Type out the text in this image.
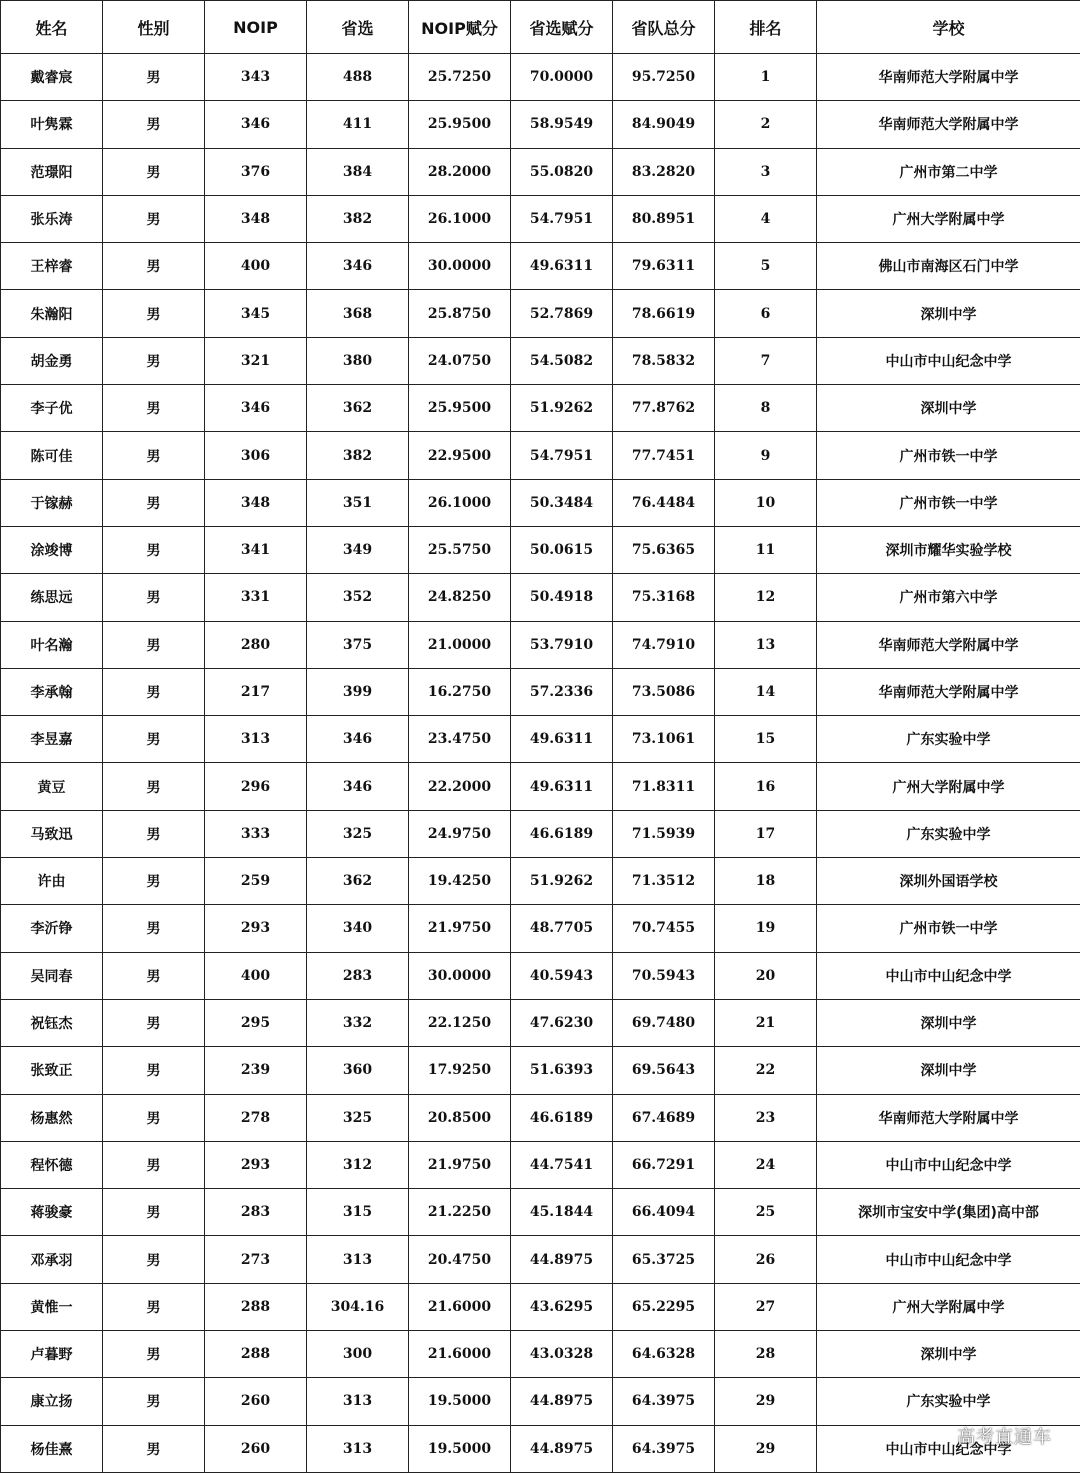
姓名	性别	NOIP	省选	NOIP赋分	省选赋分	省队总分	排名	学校
戴睿宸	男	343	488	25.7250	70.0000	95.7250	1	华南师范大学附属中学
叶隽霖	男	346	411	25.9500	58.9549	84.9049	2	华南师范大学附属中学
范璟阳	男	376	384	28.2000	55.0820	83.2820	3	广州市第二中学
张乐涛	男	348	382	26.1000	54.7951	80.8951	4	广州大学附属中学
王梓睿	男	400	346	30.0000	49.6311	79.6311	5	佛山市南海区石门中学
朱瀚阳	男	345	368	25.8750	52.7869	78.6619	6	深圳中学
胡金勇	男	321	380	24.0750	54.5082	78.5832	7	中山市中山纪念中学
李子优	男	346	362	25.9500	51.9262	77.8762	8	深圳中学
陈可佳	男	306	382	22.9500	54.7951	77.7451	9	广州市铁一中学
于镓赫	男	348	351	26.1000	50.3484	76.4484	10	广州市铁一中学
涂竣博	男	341	349	25.5750	50.0615	75.6365	11	深圳市耀华实验学校
练思远	男	331	352	24.8250	50.4918	75.3168	12	广州市第六中学
叶名瀚	男	280	375	21.0000	53.7910	74.7910	13	华南师范大学附属中学
李承翰	男	217	399	16.2750	57.2336	73.5086	14	华南师范大学附属中学
李昱嘉	男	313	346	23.4750	49.6311	73.1061	15	广东实验中学
黄豆	男	296	346	22.2000	49.6311	71.8311	16	广州大学附属中学
马致迅	男	333	325	24.9750	46.6189	71.5939	17	广东实验中学
许由	男	259	362	19.4250	51.9262	71.3512	18	深圳外国语学校
李沂铮	男	293	340	21.9750	48.7705	70.7455	19	广州市铁一中学
吴同春	男	400	283	30.0000	40.5943	70.5943	20	中山市中山纪念中学
祝钰杰	男	295	332	22.1250	47.6230	69.7480	21	深圳中学
张致正	男	239	360	17.9250	51.6393	69.5643	22	深圳中学
杨惠然	男	278	325	20.8500	46.6189	67.4689	23	华南师范大学附属中学
程怀德	男	293	312	21.9750	44.7541	66.7291	24	中山市中山纪念中学
蒋骏豪	男	283	315	21.2250	45.1844	66.4094	25	深圳市宝安中学(集团)高中部
邓承羽	男	273	313	20.4750	44.8975	65.3725	26	中山市中山纪念中学
黄惟一	男	288	304.16	21.6000	43.6295	65.2295	27	广州大学附属中学
卢暮野	男	288	300	21.6000	43.0328	64.6328	28	深圳中学
康立扬	男	260	313	19.5000	44.8975	64.3975	29	广东实验中学
杨佳熹	男	260	313	19.5000	44.8975	64.3975	29	中山市中山纪念中学
高考直通车
